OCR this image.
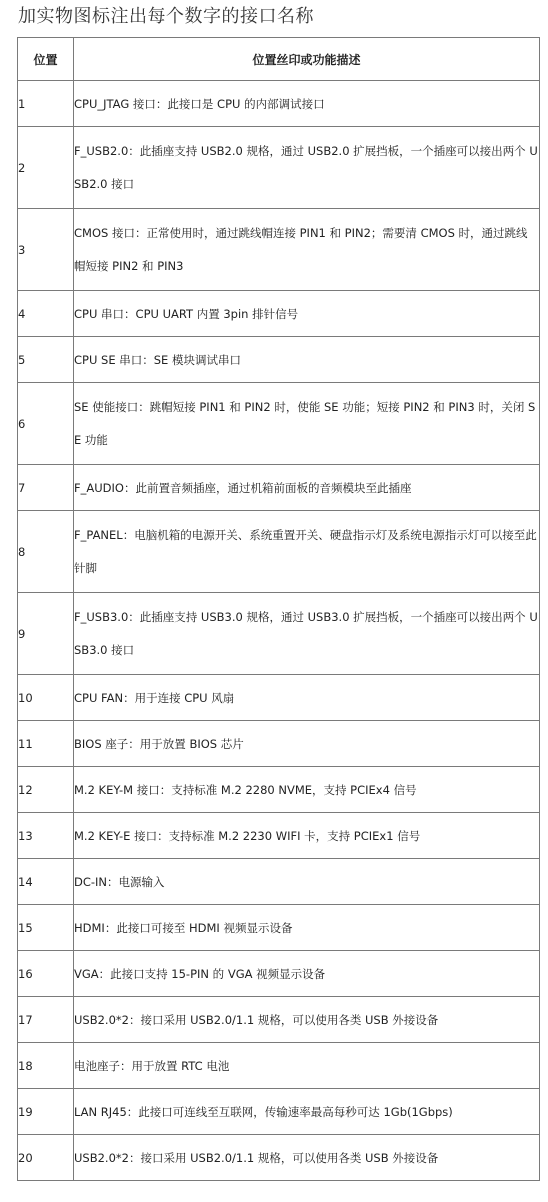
加实物图标注出每个数字的接口名称
位置	位置丝印或功能描述
1	CPU_JTAG 接口：此接口是 CPU 的内部调试接口
2	F_USB2.0：此插座支持 USB2.0 规格，通过 USB2.0 扩展挡板，一个插座可以接出两个 USB2.0 接口
3	CMOS 接口：正常使用时，通过跳线帽连接 PIN1 和 PIN2；需要清 CMOS 时，通过跳线帽短接 PIN2 和 PIN3
4	CPU 串口：CPU UART 内置 3pin 排针信号
5	CPU SE 串口：SE 模块调试串口
6	SE 使能接口：跳帽短接 PIN1 和 PIN2 时，使能 SE 功能；短接 PIN2 和 PIN3 时，关闭 SE 功能
7	F_AUDIO：此前置音频插座，通过机箱前面板的音频模块至此插座
8	F_PANEL：电脑机箱的电源开关、系统重置开关、硬盘指示灯及系统电源指示灯可以接至此针脚
9	F_USB3.0：此插座支持 USB3.0 规格，通过 USB3.0 扩展挡板，一个插座可以接出两个 USB3.0 接口
10	CPU FAN：用于连接 CPU 风扇
11	BIOS 座子：用于放置 BIOS 芯片
12	M.2 KEY-M 接口：支持标准 M.2 2280 NVME，支持 PCIEx4 信号
13	M.2 KEY-E 接口：支持标准 M.2 2230 WIFI 卡，支持 PCIEx1 信号
14	DC-IN：电源输入
15	HDMI：此接口可接至 HDMI 视频显示设备
16	VGA：此接口支持 15-PIN 的 VGA 视频显示设备
17	USB2.0*2：接口采用 USB2.0/1.1 规格，可以使用各类 USB 外接设备
18	电池座子：用于放置 RTC 电池
19	LAN RJ45：此接口可连线至互联网，传输速率最高每秒可达 1Gb(1Gbps)
20	USB2.0*2：接口采用 USB2.0/1.1 规格，可以使用各类 USB 外接设备
